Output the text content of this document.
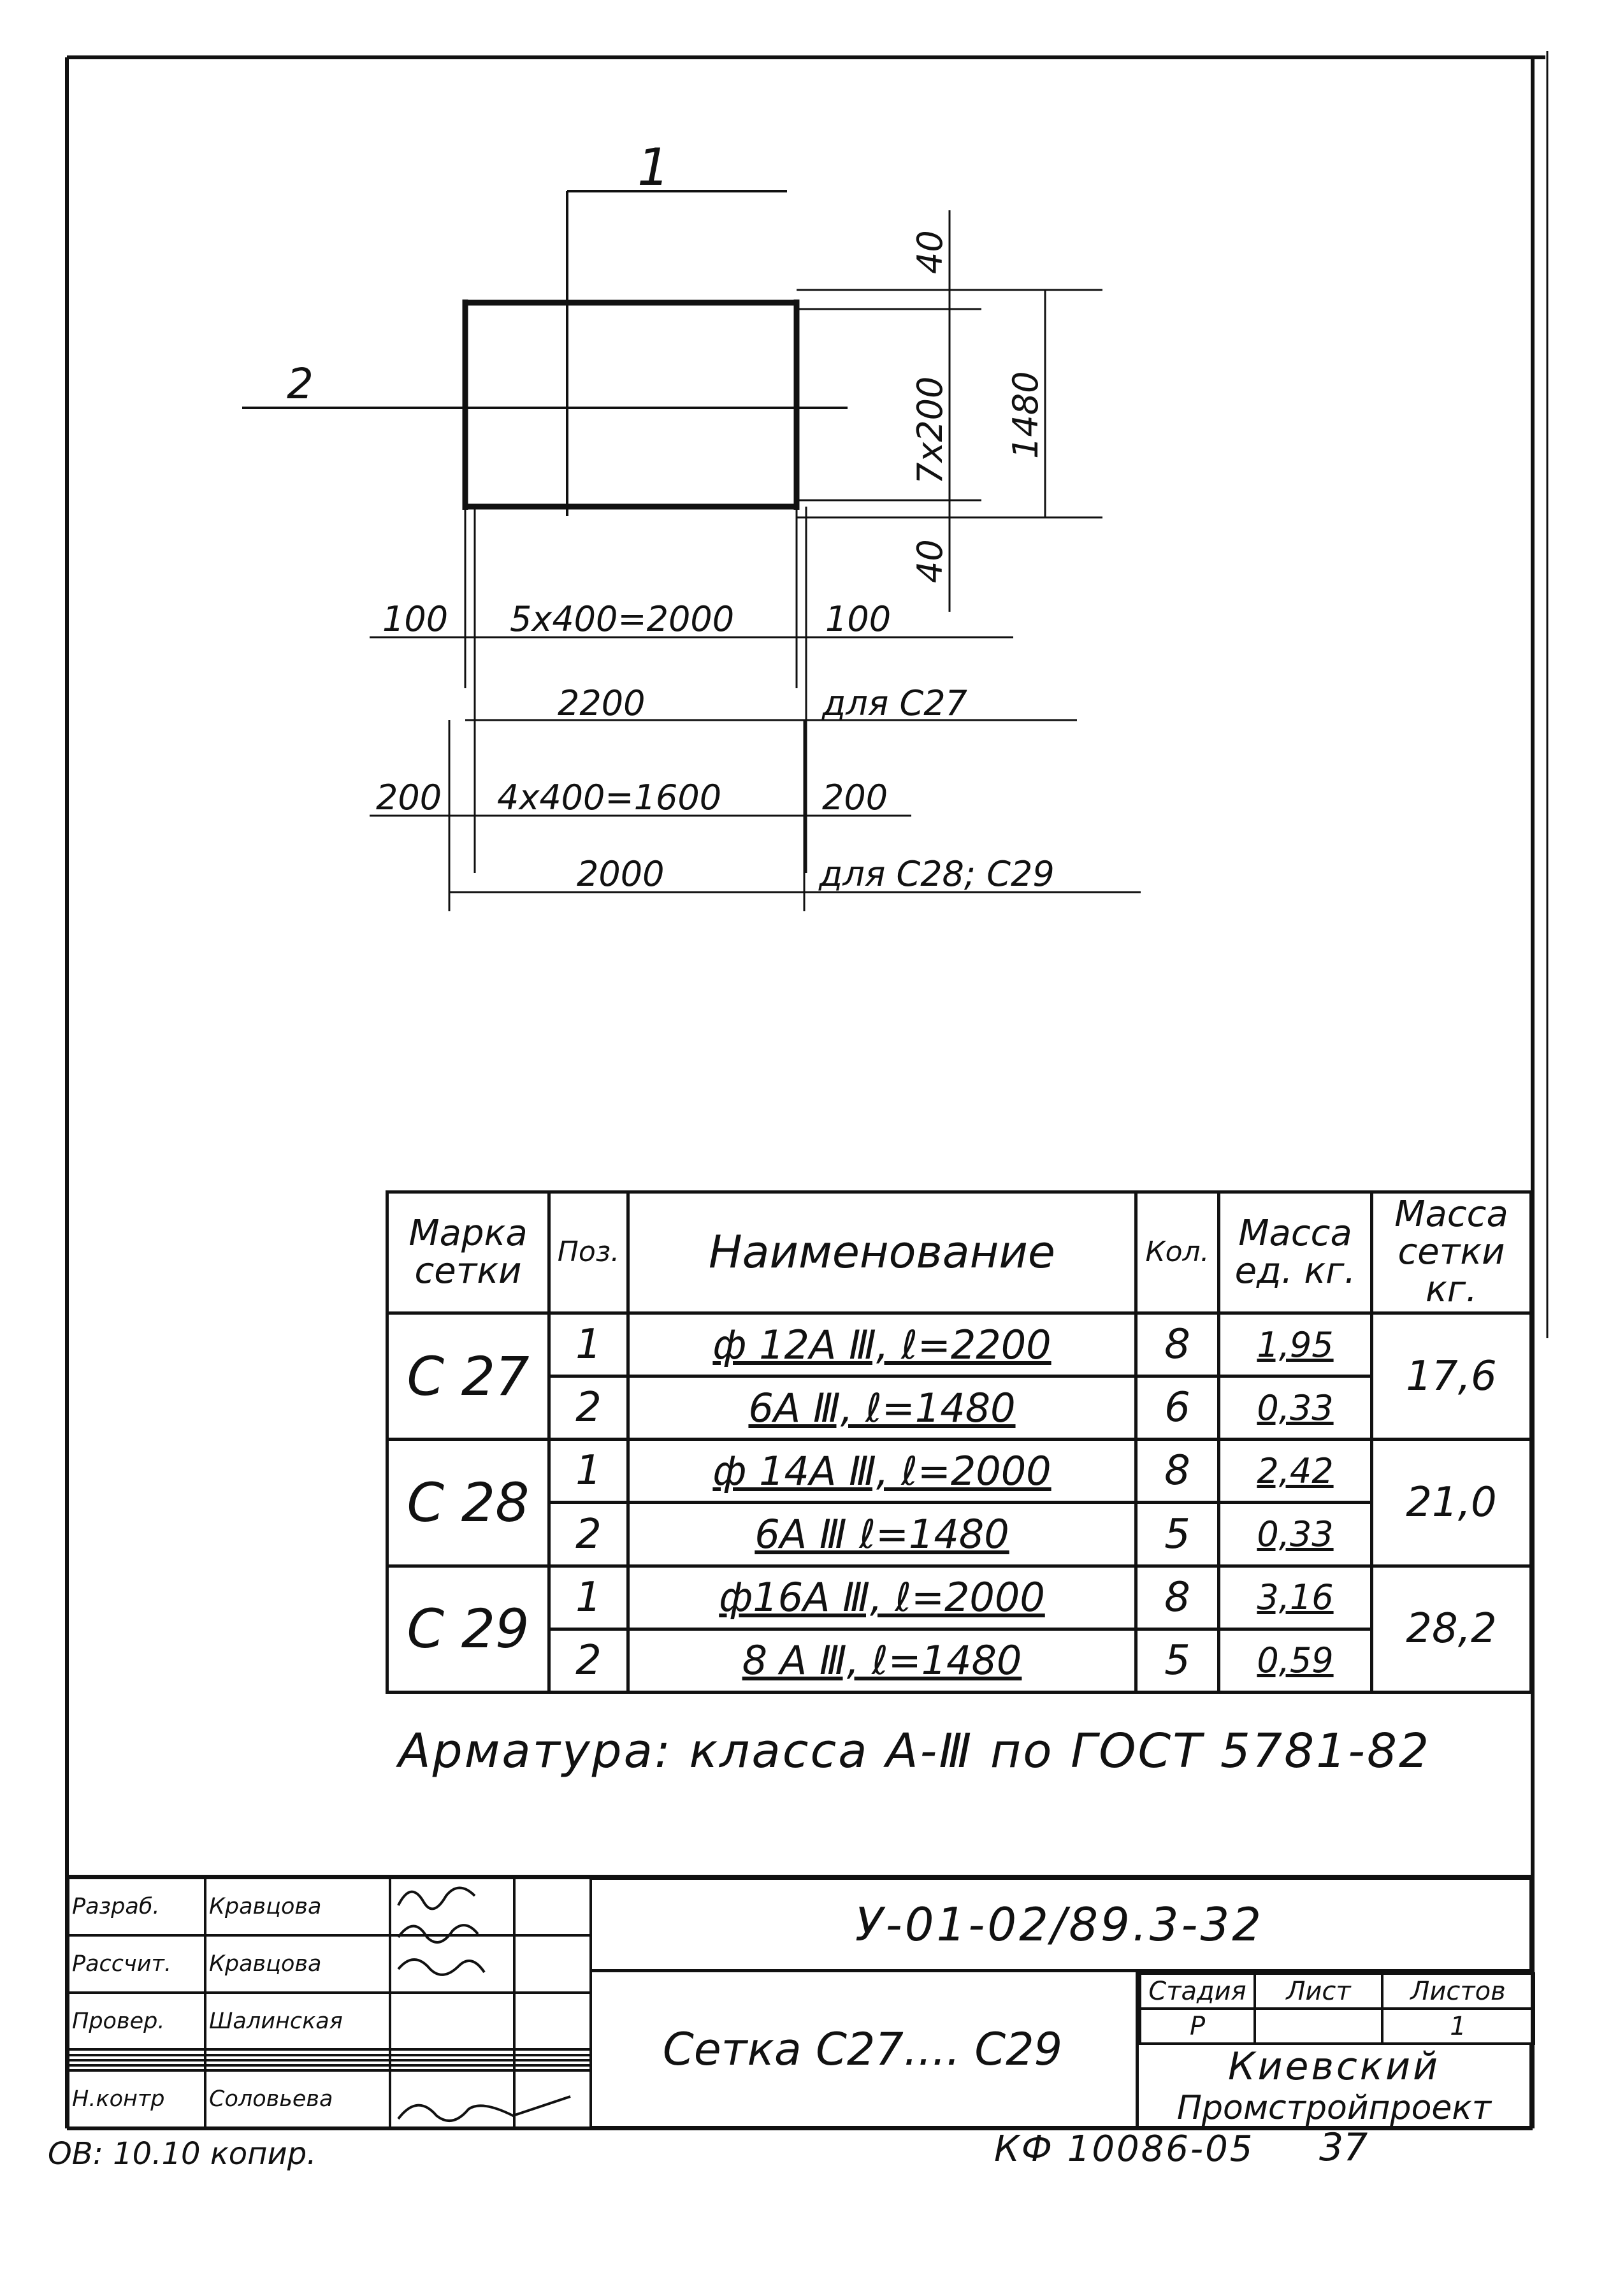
1
2
40
7x200
40
1480
100 5x400=2000	100
2200	для С27
200 4x400=1600	200
2000	для С28; С29
Марка сетки	Поз.	Наименование	Кол.	Масса ед. кг.	Масса сетки кг.
С 27	1	ф 12А Ⅲ, ℓ=2200	8	1,95	17,6
	2	6А Ⅲ, ℓ=1480	6	0,33	
С 28	1	ф 14А Ⅲ, ℓ=2000	8	2,42	21,0
	2	6А Ⅲ ℓ=1480	5	0,33	
С 29	1	ф16А Ⅲ, ℓ=2000	8	3,16	28,2
	2	8 А Ⅲ, ℓ=1480	5	0,59	
Арматура: класса А-Ⅲ по ГОСТ 5781-82
Разраб.	Кравцова		
Рассчит.	Кравцова		
Провер.	Шалинская		

Н.контр	Соловьева		
У-01-02/89.3-32
Сетка С27.... С29
Стадия	Лист	Листов
Р		1
Киевский
Промстройпроект
ОВ: 10.10 копир.	КФ 10086-05 37
